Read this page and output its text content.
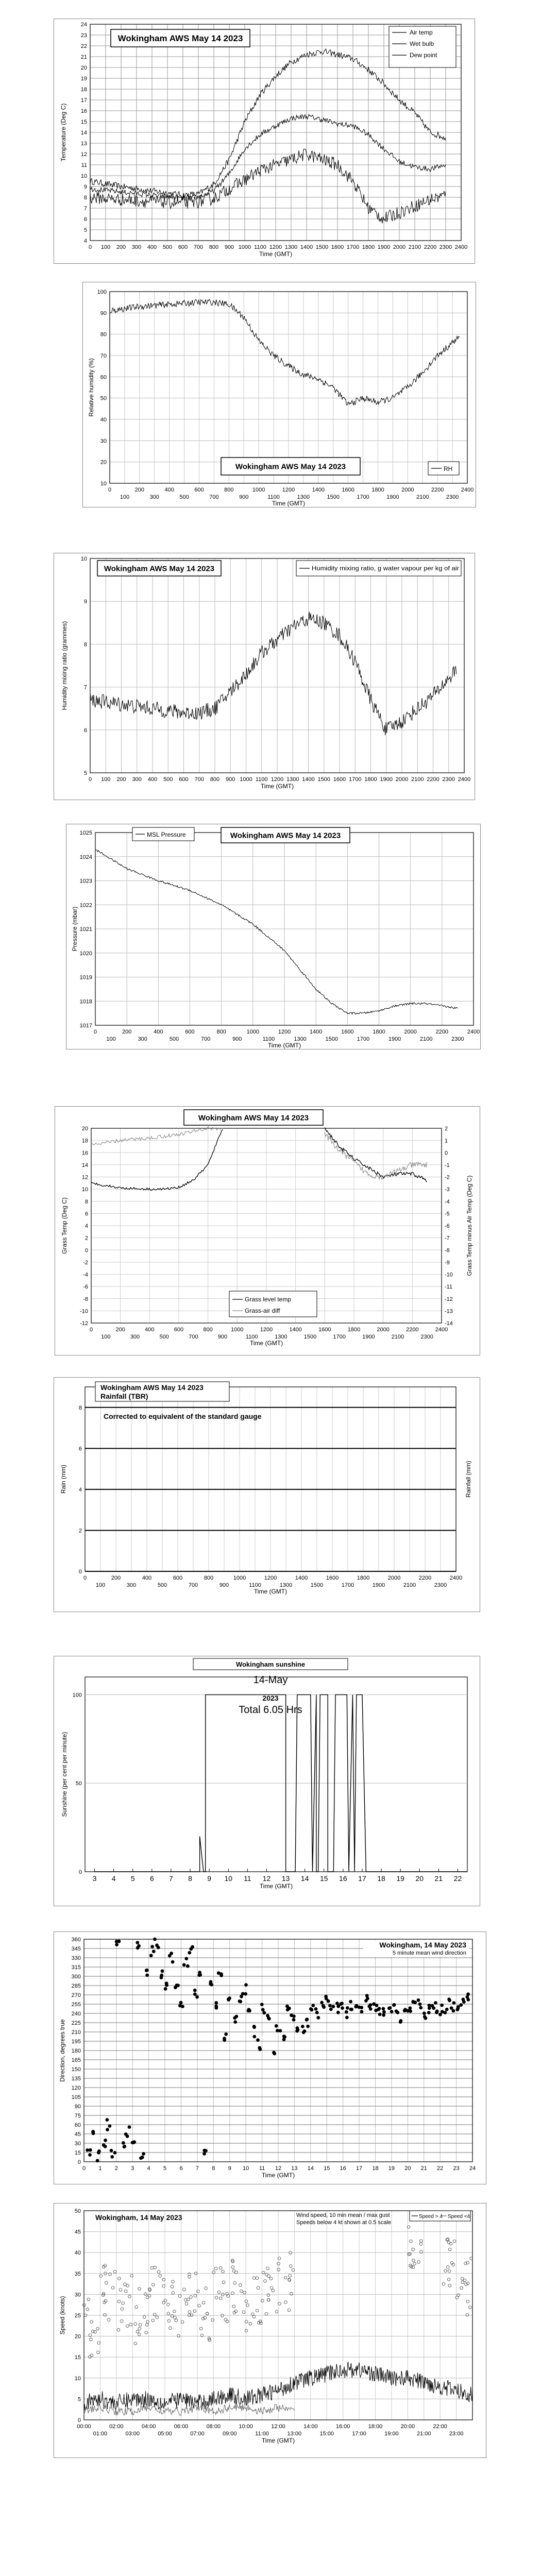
4
5
6
7
8
9
10
11
12
13
14
15
16
17
18
19
20
21
22
23
24
0 100 200 300 400 500 600 700 800 900 1000 1100 1200 1300 1400 1500 1600 1700 1800 1900 2000 2100 2200 2300 2400
Time (GMT)
Temperature (Deg C)
Wokingham AWS May 14 2023
Air temp
Wet bulb
Dew point
10
20
30
40
50
60
70
80
90
100
0	200	400	600	800	1000	1200	1400	1600	1800	2000	2200	2400
100	300	500	700	900	1100	1300	1500	1700	1900	2100	2300
Time (GMT)
Relative humidity (%)
Wokingham AWS May 14 2023	RH
5
6
7
8
9
10
0 100 200 300 400 500 600 700 800 900 1000 1100 1200 1300 1400 1500 1600 1700 1800 1900 2000 2100 2200 2300 2400
Time (GMT)
Humidity mixing ratio (grammes)
Wokingham AWS May 14 2023	Humidity mixing ratio, g water vapour per kg of air
1017
1018
1019
1020
1021
1022
1023
1024
1025
0	200	400	600	800	1000	1200	1400	1600	1800	2000	2200	2400
100	300	500	700	900	1100	1300	1500	1700	1900	2100	2300
Time (GMT)
Pressure (mbar)
MSL Pressure	Wokingham AWS May 14 2023
-12
-10
-8
-6
-4
-2
0
2
4
6
8
10
12
14
16
18
20
-14
-13
-12
-11
-10
-9
-8
-7
-6
-5
-4
-3
-2
-1
0
1
2
0	200	400	600	800	1000	1200	1400	1600	1800	2000	2200	2400
100	300	500	700	900	1100	1300	1500	1700	1900	2100	2300
Time (GMT)
Grass Temp (Deg C)	Grass Temp minus Air Temp (Deg C)
Wokingham AWS May 14 2023
Grass level temp
Grass-air diff
0
2
4
6
8
0	200	400	600	800	1000	1200	1400	1600	1800	2000	2200	2400
100	300	500	700	900	1100	1300	1500	1700	1900	2100	2300
Time (GMT)
Rain (mm)	Rainfall (mm)
Wokingham AWS May 14 2023
Rainfall (TBR)
Corrected to equivalent of the standard gauge
0
50
100
3 4 5 6 7 8 9 10 11 12 13 14 15 16 17 18 19 20 21 22
Time (GMT)
Sunshine (per cent per minute)
Wokingham sunshine
14-May
2023
Total 6.05 Hrs
0
15
30
45
60
75
90
105
120
135
150
165
180
195
210
225
240
255
270
285
300
315
330
345
360
0 1 2 3 4 5 6 7 8 9 10 11 12 13 14 15 16 17 18 19 20 21 22 23 24
Time (GMT)
Direction, degrees true
Wokingham, 14 May 2023
5 minute mean wind direction
0
5
10
15
20
25
30
35
40
45
50
00:00	02:00	04:00	06:00	08:00	10:00	12:00	14:00	16:00	18:00	20:00	22:00
01:00	03:00	05:00	07:00	09:00	11:00	13:00	15:00	17:00	19:00	21:00	23:00
Time (GMT)
Speed (knots)
Wokingham, 14 May 2023	Wind speed, 10 min mean / max gust
Speeds below 4 kt shown at 0.5 scale
Speed > 4 Speed <4
